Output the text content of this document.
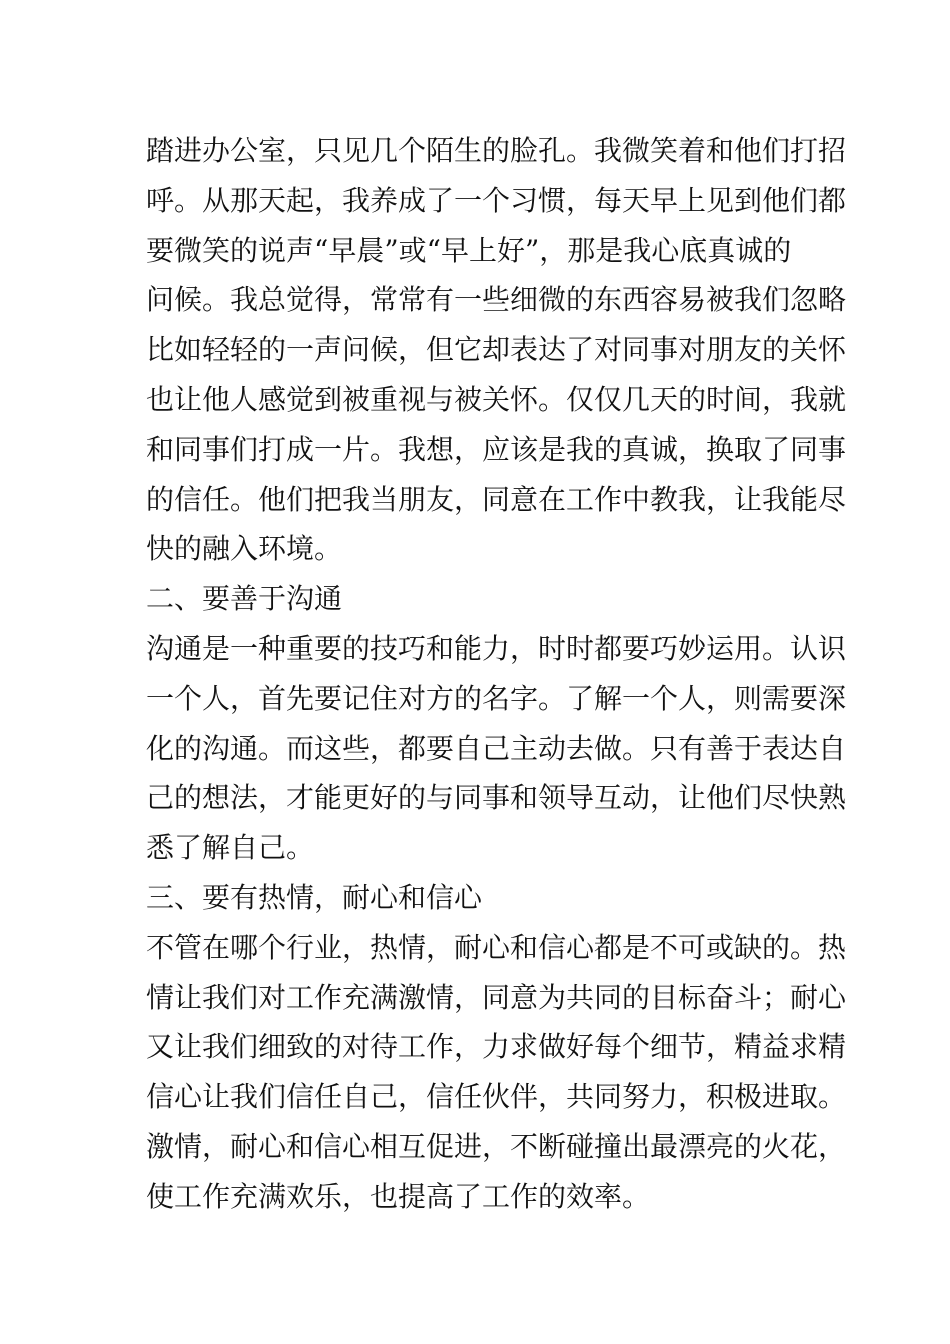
踏进办公室，只见几个陌生的脸孔。我微笑着和他们打招
呼。从那天起，我养成了一个习惯，每天早上见到他们都
要微笑的说声“早晨”或“早上好”，那是我心底真诚的
问候。我总觉得，常常有一些细微的东西容易被我们忽略
比如轻轻的一声问候，但它却表达了对同事对朋友的关怀
也让他人感觉到被重视与被关怀。仅仅几天的时间，我就
和同事们打成一片。我想，应该是我的真诚，换取了同事
的信任。他们把我当朋友，同意在工作中教我，让我能尽
快的融入环境。
二、要善于沟通
沟通是一种重要的技巧和能力，时时都要巧妙运用。认识
一个人，首先要记住对方的名字。了解一个人，则需要深
化的沟通。而这些，都要自己主动去做。只有善于表达自
己的想法，才能更好的与同事和领导互动，让他们尽快熟
悉了解自己。
三、要有热情，耐心和信心
不管在哪个行业，热情，耐心和信心都是不可或缺的。热
情让我们对工作充满激情，同意为共同的目标奋斗；耐心
又让我们细致的对待工作，力求做好每个细节，精益求精
信心让我们信任自己，信任伙伴，共同努力，积极进取。
激情，耐心和信心相互促进，不断碰撞出最漂亮的火花，
使工作充满欢乐，也提高了工作的效率。
